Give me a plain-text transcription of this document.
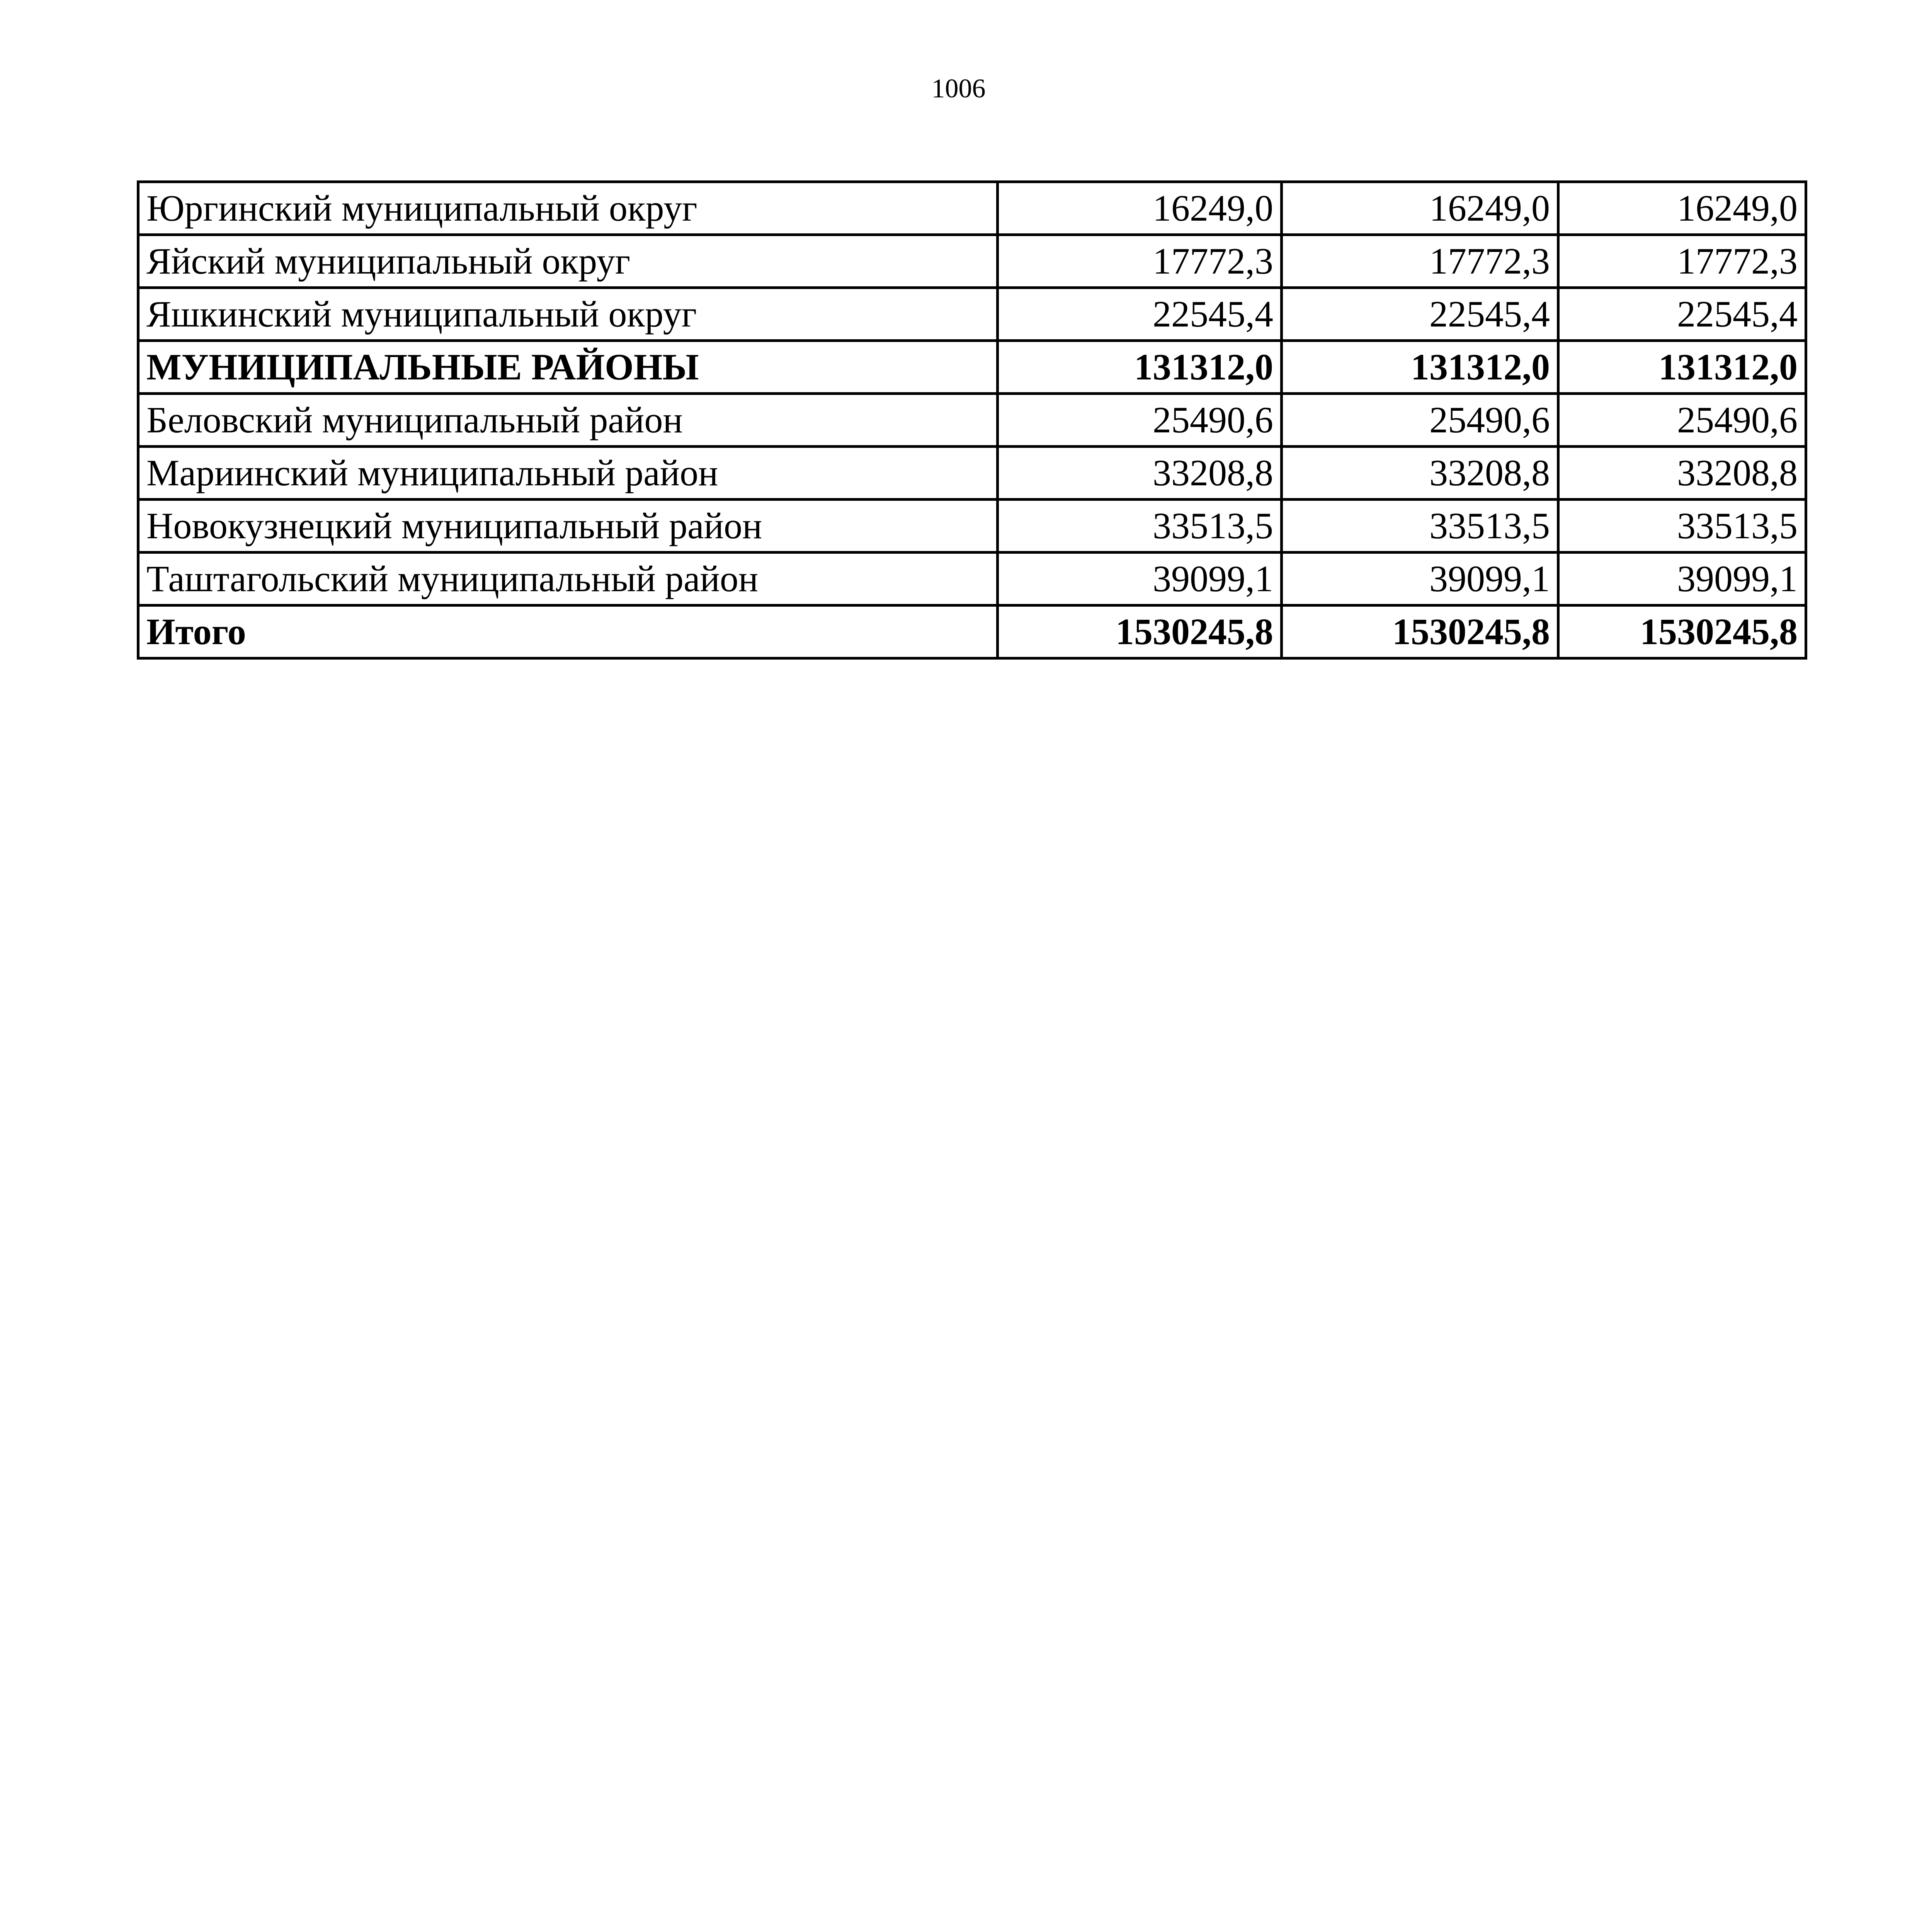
1006
Юргинский муниципальный округ	16249,0	16249,0	16249,0
Яйский муниципальный округ	17772,3	17772,3	17772,3
Яшкинский муниципальный округ	22545,4	22545,4	22545,4
МУНИЦИПАЛЬНЫЕ РАЙОНЫ	131312,0	131312,0	131312,0
Беловский муниципальный район	25490,6	25490,6	25490,6
Мариинский муниципальный район	33208,8	33208,8	33208,8
Новокузнецкий муниципальный район	33513,5	33513,5	33513,5
Таштагольский муниципальный район	39099,1	39099,1	39099,1
Итого	1530245,8	1530245,8	1530245,8
